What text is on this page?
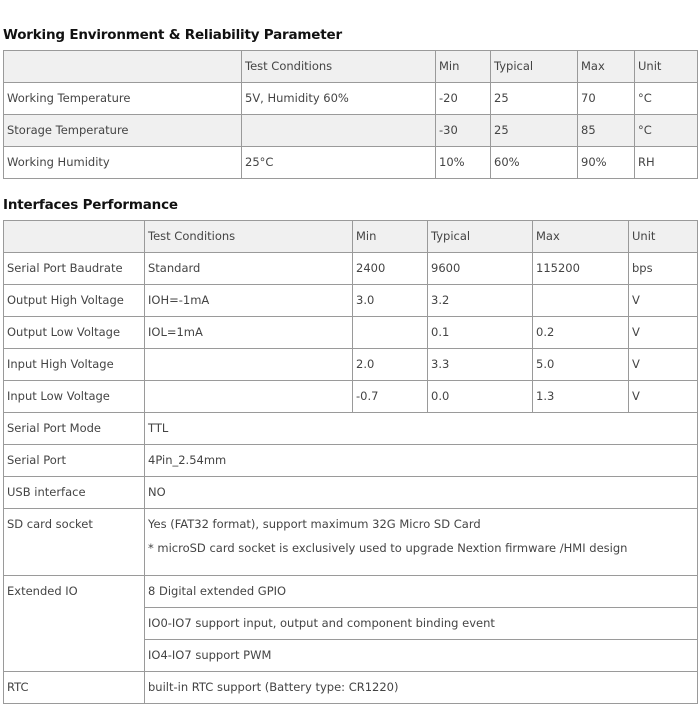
Working Environment & Reliability Parameter
	Test Conditions	Min	Typical	Max	Unit
Working Temperature	5V, Humidity 60%	-20	25	70	°C
Storage Temperature		-30	25	85	°C
Working Humidity	25°C	10%	60%	90%	RH
Interfaces Performance
	Test Conditions	Min	Typical	Max	Unit
Serial Port Baudrate	Standard	2400	9600	115200	bps
Output High Voltage	IOH=-1mA	3.0	3.2		V
Output Low Voltage	IOL=1mA		0.1	0.2	V
Input High Voltage		2.0	3.3	5.0	V
Input Low Voltage		-0.7	0.0	1.3	V
Serial Port Mode	TTL				
Serial Port	4Pin_2.54mm				
USB interface	NO				
SD card socket	Yes (FAT32 format), support maximum 32G Micro SD Card
* microSD card socket is exclusively used to upgrade Nextion firmware /HMI design				

Extended IO	8 Digital extended GPIO				
	IO0-IO7 support input, output and component binding event				
	IO4-IO7 support PWM				
RTC	built-in RTC support (Battery type: CR1220)				
